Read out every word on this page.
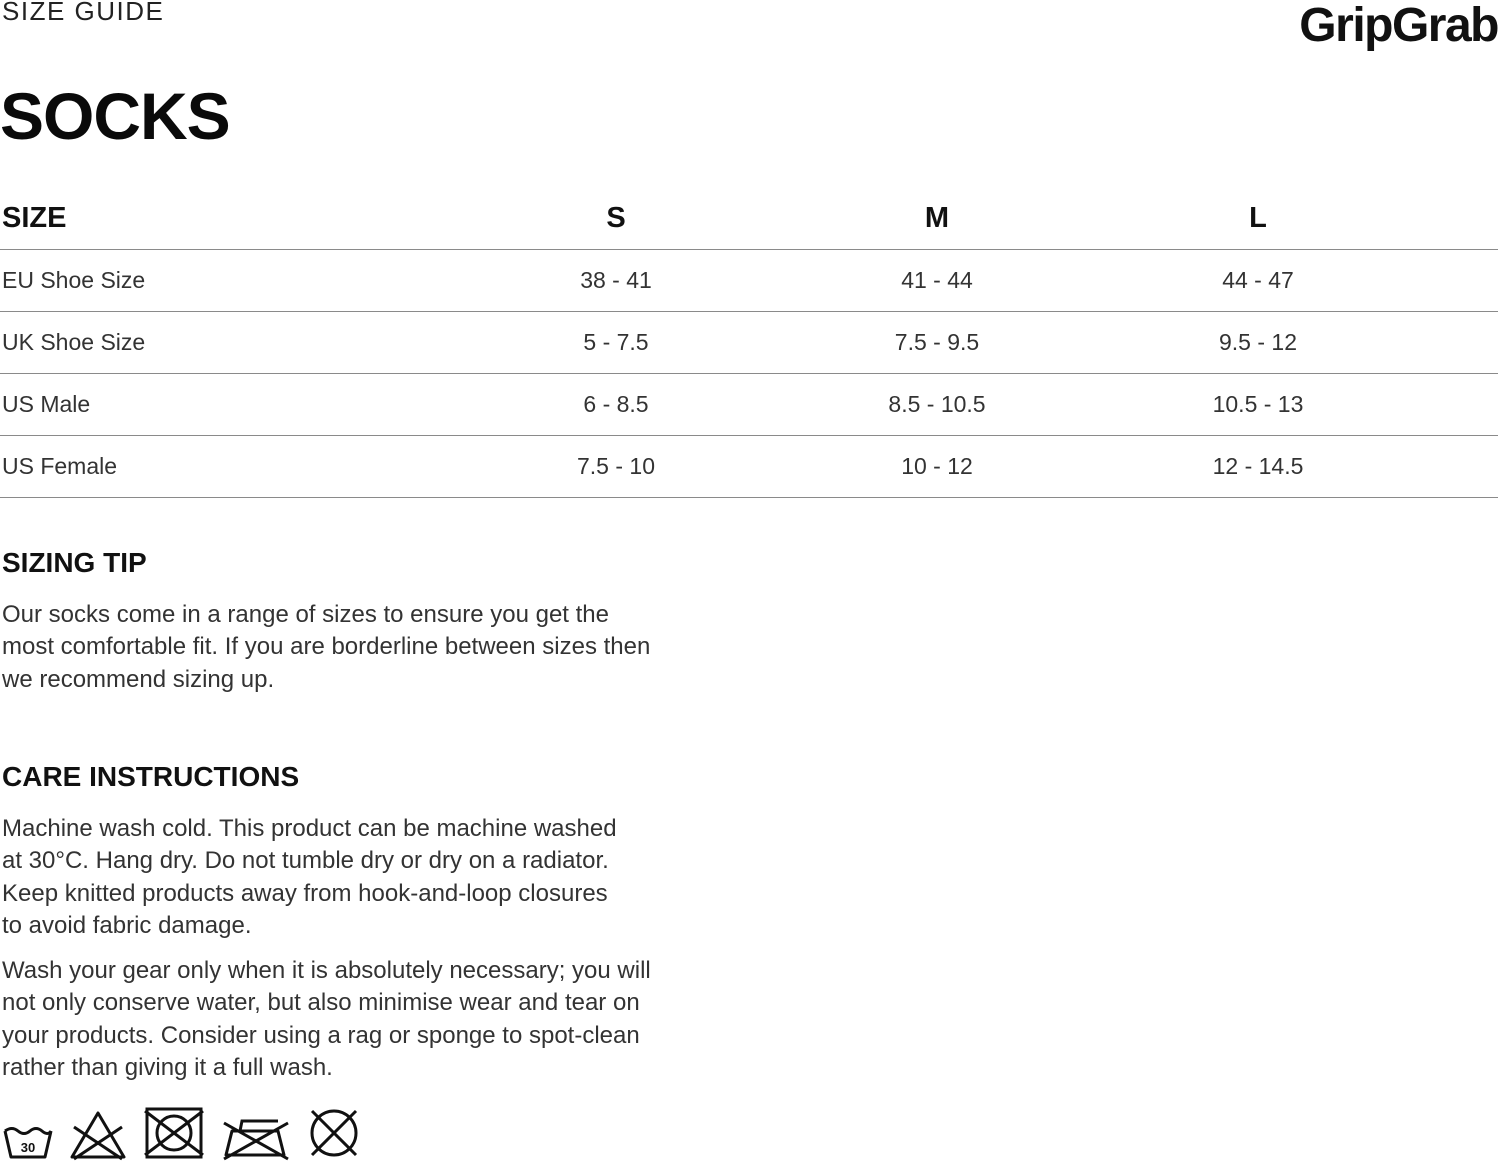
SIZE GUIDE	GripGrab
SOCKS
SIZE	S	M	L	
EU Shoe Size	38 - 41	41 - 44	44 - 47	
UK Shoe Size	5 - 7.5	7.5 - 9.5	9.5 - 12	
US Male	6 - 8.5	8.5 - 10.5	10.5 - 13	
US Female	7.5 - 10	10 - 12	12 - 14.5	
SIZING TIP

Our socks come in a range of sizes to ensure you get the
most comfortable fit. If you are borderline between sizes then
we recommend sizing up.

CARE INSTRUCTIONS

Machine wash cold. This product can be machine washed
at 30°C. Hang dry. Do not tumble dry or dry on a radiator.
Keep knitted products away from hook-and-loop closures
to avoid fabric damage.

Wash your gear only when it is absolutely necessary; you will
not only conserve water, but also minimise wear and tear on
your products. Consider using a rag or sponge to spot-clean
rather than giving it a full wash.

30
